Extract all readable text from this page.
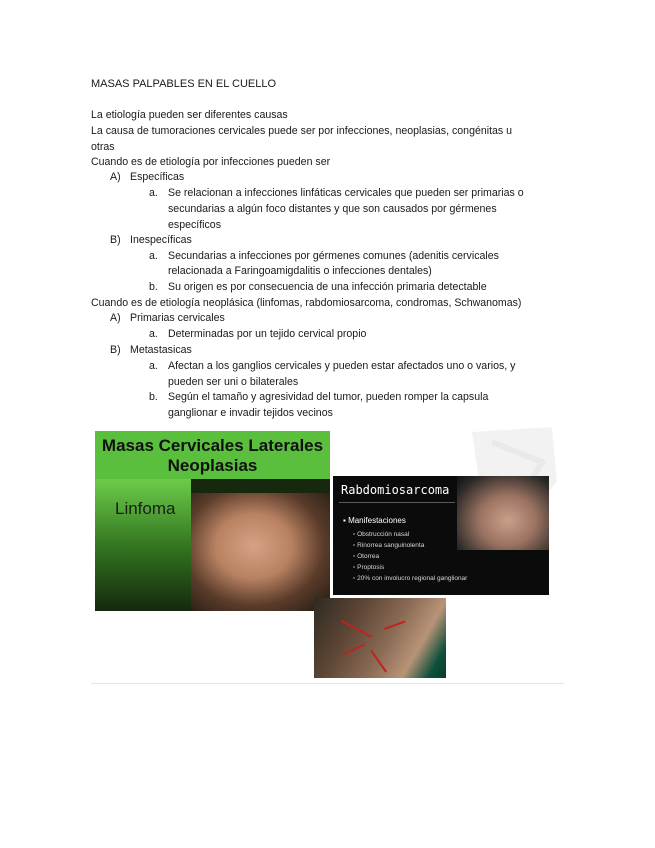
MASAS PALPABLES EN EL CUELLO
La etiología pueden ser diferentes causas
La causa de tumoraciones cervicales puede ser por infecciones, neoplasias, congénitas u
otras
Cuando es de etiología por infecciones pueden ser
A) Específicas
a. Se relacionan a infecciones linfáticas cervicales que pueden ser primarias o
secundarias a algún foco distantes y que son causados por gérmenes
específicos
B) Inespecíficas
a. Secundarias a infecciones por gérmenes comunes (adenitis cervicales
relacionada a Faringoamigdalitis o infecciones dentales)
b. Su origen es por consecuencia de una infección primaria detectable
Cuando es de etiología neoplásica (linfomas, rabdomiosarcoma, condromas, Schwanomas)
A) Primarias cervicales
a. Determinadas por un tejido cervical propio
B) Metastasicas
a. Afectan a los ganglios cervicales y pueden estar afectados uno o varios, y
pueden ser uni o bilaterales
b. Según el tamaño y agresividad del tumor, pueden romper la capsula
ganglionar e invadir tejidos vecinos
Masas Cervicales Laterales
Neoplasias
Linfoma
Rabdomiosarcoma
▪ Manifestaciones
▫ Obstrucción nasal
▫ Rinorrea sanguinolenta
▫ Otorrea
▫ Proptosis
▫ 20% con involucro regional ganglionar
